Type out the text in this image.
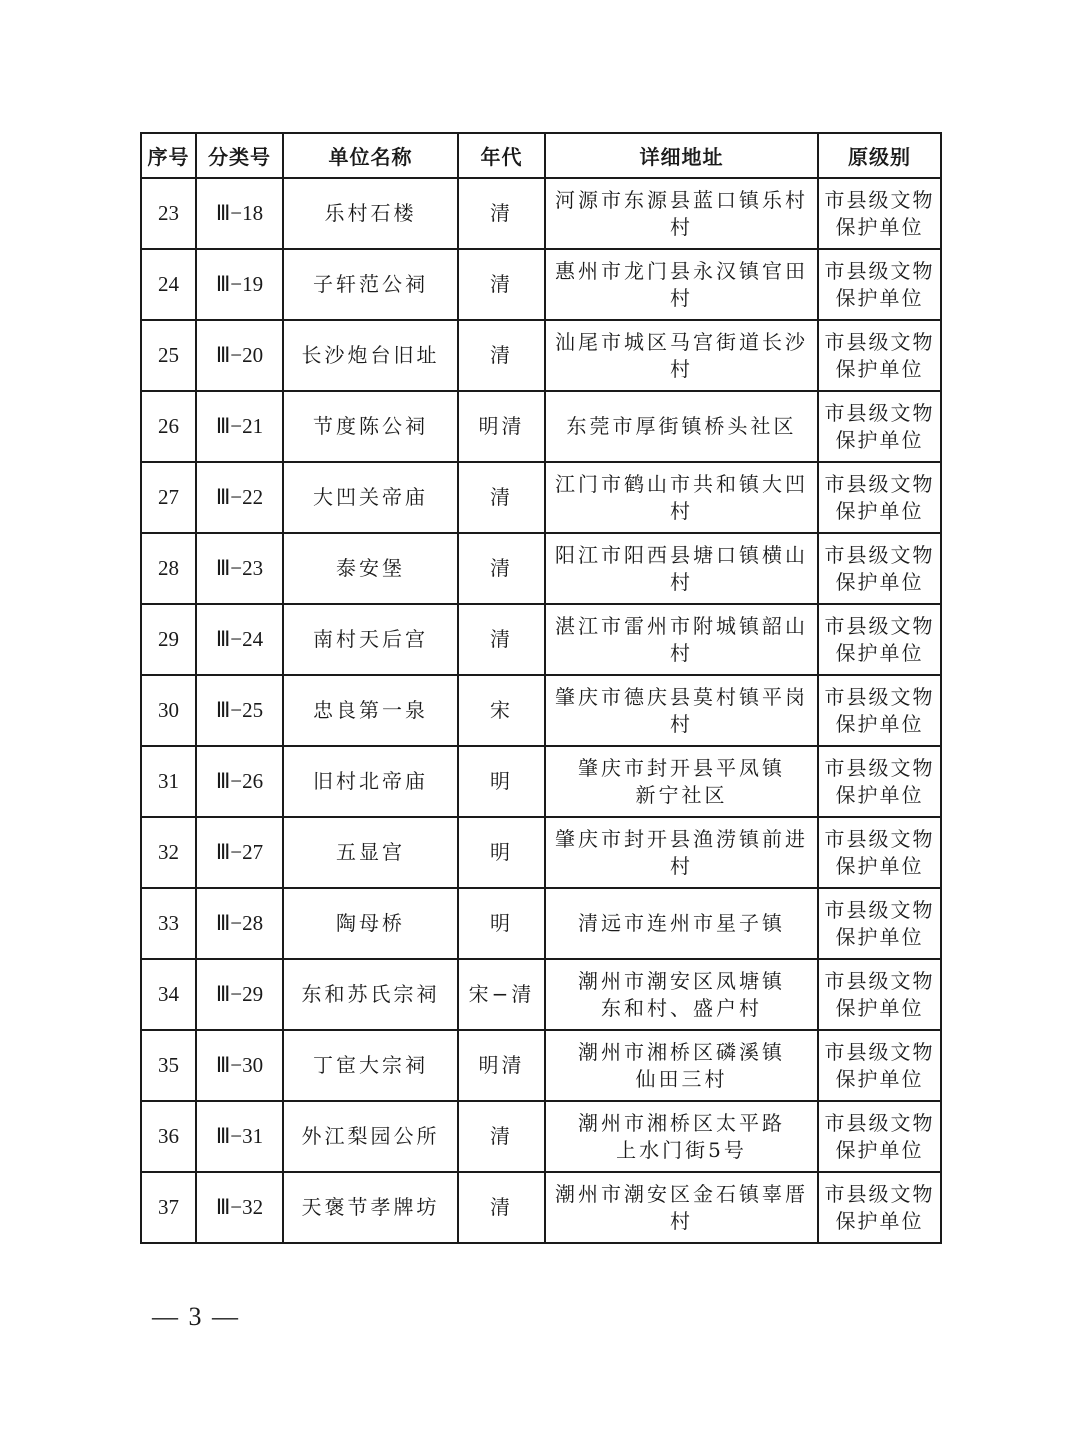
序号	分类号	单位名称	年代	详细地址	原级别
23	Ⅲ−18	乐村石楼	清	河源市东源县蓝口镇乐村村	市县级文物
保护单位

24	Ⅲ−19	子轩范公祠	清	惠州市龙门县永汉镇官田村	市县级文物
保护单位

25	Ⅲ−20	长沙炮台旧址	清	汕尾市城区马宫街道长沙村	市县级文物
保护单位

26	Ⅲ−21	节度陈公祠	明清	东莞市厚街镇桥头社区	市县级文物
保护单位

27	Ⅲ−22	大凹关帝庙	清	江门市鹤山市共和镇大凹村	市县级文物
保护单位

28	Ⅲ−23	泰安堡	清	阳江市阳西县塘口镇横山村	市县级文物
保护单位

29	Ⅲ−24	南村天后宫	清	湛江市雷州市附城镇韶山村	市县级文物
保护单位

30	Ⅲ−25	忠良第一泉	宋	肇庆市德庆县莫村镇平岗村	市县级文物
保护单位

31	Ⅲ−26	旧村北帝庙	明	肇庆市封开县平凤镇
新宁社区	市县级文物
保护单位

32	Ⅲ−27	五显宫	明	肇庆市封开县渔涝镇前进村	市县级文物
保护单位

33	Ⅲ−28	陶母桥	明	清远市连州市星子镇	市县级文物
保护单位

34	Ⅲ−29	东和苏氏宗祠	宋−清	潮州市潮安区凤塘镇
东和村、盛户村	市县级文物
保护单位

35	Ⅲ−30	丁宦大宗祠	明清	潮州市湘桥区磷溪镇
仙田三村	市县级文物
保护单位

36	Ⅲ−31	外江梨园公所	清	潮州市湘桥区太平路
上水门街5号	市县级文物
保护单位

37	Ⅲ−32	天褒节孝牌坊	清	潮州市潮安区金石镇辜厝村	市县级文物
保护单位
— 3 —
